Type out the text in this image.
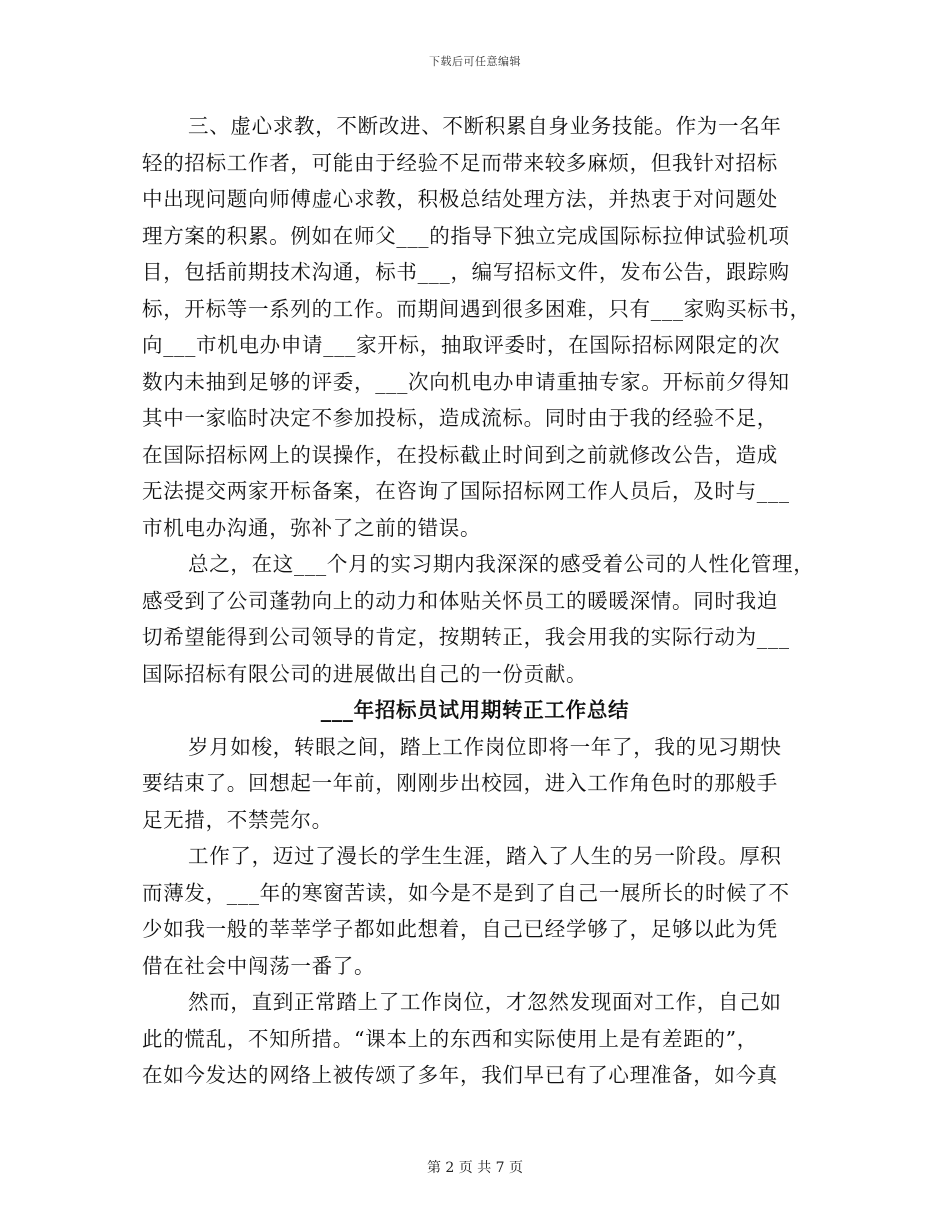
下载后可任意编辑
三、虚心求教，不断改进、不断积累自身业务技能。作为一名年
轻的招标工作者，可能由于经验不足而带来较多麻烦，但我针对招标
中出现问题向师傅虚心求教，积极总结处理方法，并热衷于对问题处
理方案的积累。例如在师父___的指导下独立完成国际标拉伸试验机项
目，包括前期技术沟通，标书___，编写招标文件，发布公告，跟踪购
标，开标等一系列的工作。而期间遇到很多困难，只有___家购买标书，
向___市机电办申请___家开标，抽取评委时，在国际招标网限定的次
数内未抽到足够的评委，___次向机电办申请重抽专家。开标前夕得知
其中一家临时决定不参加投标，造成流标。同时由于我的经验不足，
在国际招标网上的误操作，在投标截止时间到之前就修改公告，造成
无法提交两家开标备案，在咨询了国际招标网工作人员后，及时与___
市机电办沟通，弥补了之前的错误。
总之，在这___个月的实习期内我深深的感受着公司的人性化管理，
感受到了公司蓬勃向上的动力和体贴关怀员工的暖暖深情。同时我迫
切希望能得到公司领导的肯定，按期转正，我会用我的实际行动为___
国际招标有限公司的进展做出自己的一份贡献。
___年招标员试用期转正工作总结
岁月如梭，转眼之间，踏上工作岗位即将一年了，我的见习期快
要结束了。回想起一年前，刚刚步出校园，进入工作角色时的那般手
足无措，不禁莞尔。
工作了，迈过了漫长的学生生涯，踏入了人生的另一阶段。厚积
而薄发，___年的寒窗苦读，如今是不是到了自己一展所长的时候了不
少如我一般的莘莘学子都如此想着，自己已经学够了，足够以此为凭
借在社会中闯荡一番了。
然而，直到正常踏上了工作岗位，才忽然发现面对工作，自己如
此的慌乱，不知所措。“课本上的东西和实际使用上是有差距的”，
在如今发达的网络上被传颂了多年，我们早已有了心理准备，如今真
第 2 页 共 7 页
